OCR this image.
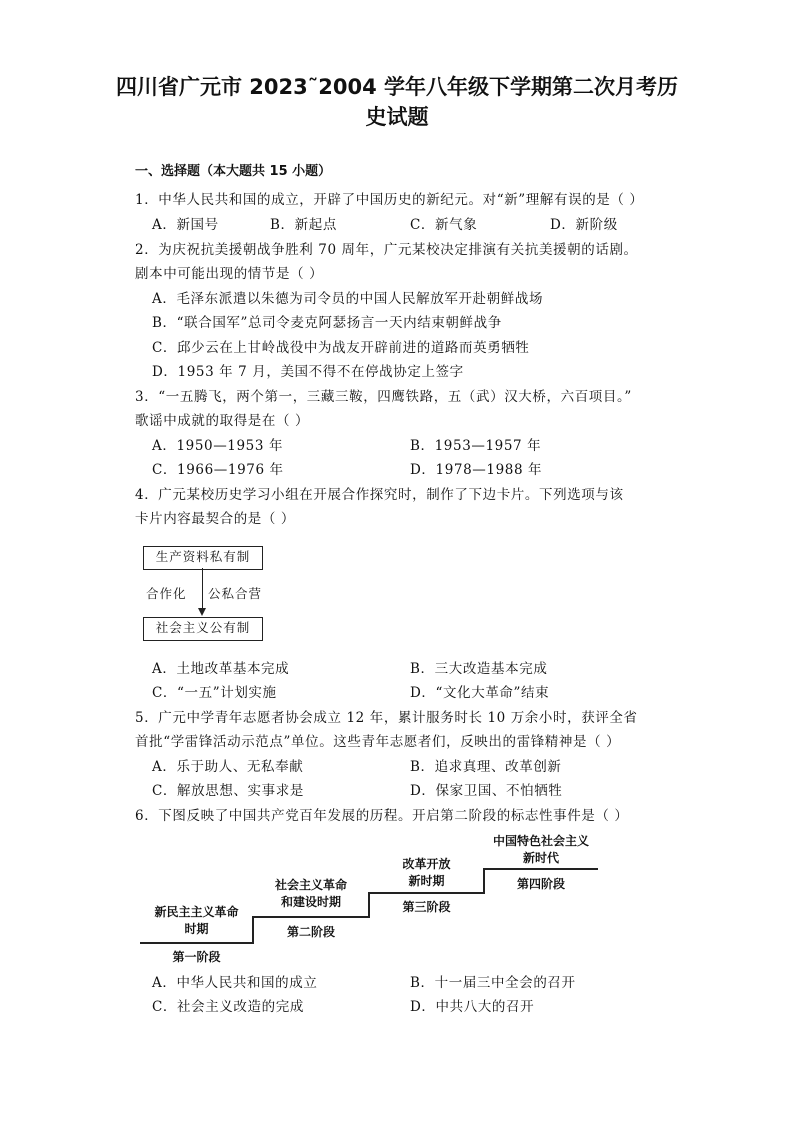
四川省广元市 2023˜2004 学年八年级下学期第二次月考历
史试题
一、选择题（本大题共 15 小题）
1．中华人民共和国的成立，开辟了中国历史的新纪元。对“新”理解有误的是（ ）
A．新国号	B．新起点	C．新气象	D．新阶级
2．为庆祝抗美援朝战争胜利 70 周年，广元某校决定排演有关抗美援朝的话剧。
剧本中可能出现的情节是（ ）
A．毛泽东派遣以朱德为司令员的中国人民解放军开赴朝鲜战场
B．“联合国军”总司令麦克阿瑟扬言一天内结束朝鲜战争
C．邱少云在上甘岭战役中为战友开辟前进的道路而英勇牺牲
D．1953 年 7 月，美国不得不在停战协定上签字
3．“一五腾飞，两个第一，三藏三鞍，四鹰铁路，五（武）汉大桥，六百项目。”
歌谣中成就的取得是在（ ）
A．1950—1953 年	B．1953—1957 年
C．1966—1976 年	D．1978—1988 年
4．广元某校历史学习小组在开展合作探究时，制作了下边卡片。下列选项与该
卡片内容最契合的是（ ）
生产资料私有制
合作化 公私合营
社会主义公有制
A．土地改革基本完成	B．三大改造基本完成
C．“一五”计划实施	D．“文化大革命”结束
5．广元中学青年志愿者协会成立 12 年，累计服务时长 10 万余小时，获评全省
首批“学雷锋活动示范点”单位。这些青年志愿者们，反映出的雷锋精神是（ ）
A．乐于助人、无私奉献	B．追求真理、改革创新
C．解放思想、实事求是	D．保家卫国、不怕牺牲
6．下图反映了中国共产党百年发展的历程。开启第二阶段的标志性事件是（ ）
新民主主义革命
时期
第一阶段
社会主义革命
和建设时期
第二阶段
改革开放
新时期
第三阶段
中国特色社会主义
新时代
第四阶段
A．中华人民共和国的成立	B．十一届三中全会的召开
C．社会主义改造的完成	D．中共八大的召开
